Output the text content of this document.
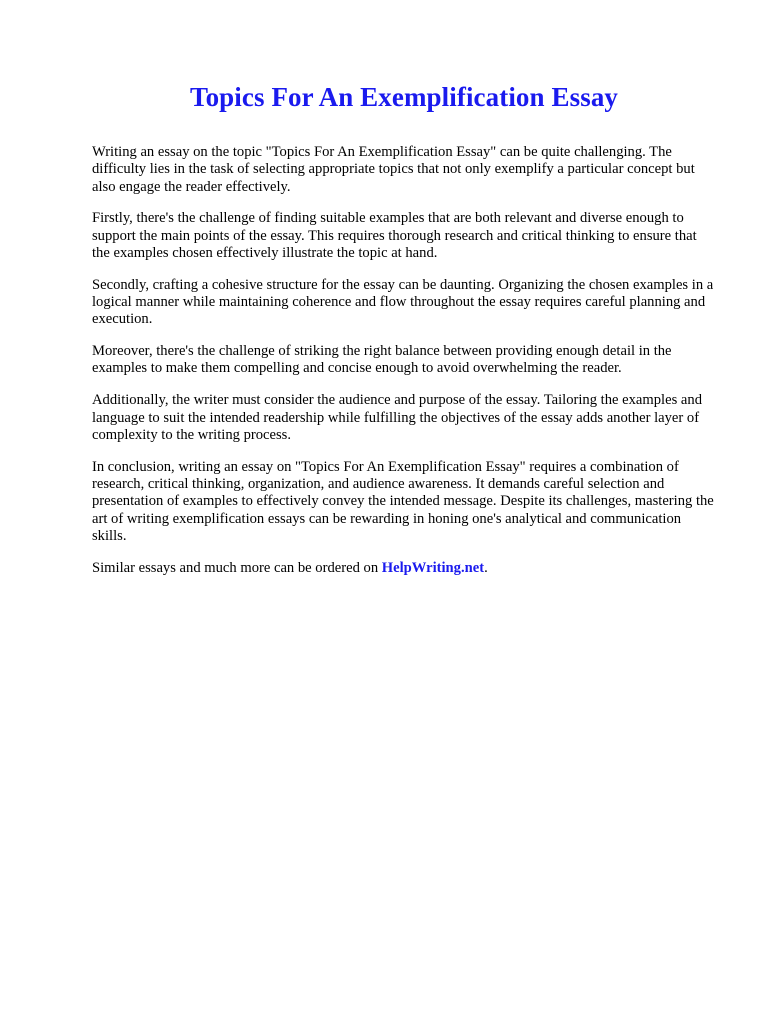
Topics For An Exemplification Essay

Writing an essay on the topic "Topics For An Exemplification Essay" can be quite challenging. The difficulty lies in the task of selecting appropriate topics that not only exemplify a particular concept but also engage the reader effectively.

Firstly, there's the challenge of finding suitable examples that are both relevant and diverse enough to support the main points of the essay. This requires thorough research and critical thinking to ensure that the examples chosen effectively illustrate the topic at hand.

Secondly, crafting a cohesive structure for the essay can be daunting. Organizing the chosen examples in a logical manner while maintaining coherence and flow throughout the essay requires careful planning and execution.

Moreover, there's the challenge of striking the right balance between providing enough detail in the examples to make them compelling and concise enough to avoid overwhelming the reader.

Additionally, the writer must consider the audience and purpose of the essay. Tailoring the examples and language to suit the intended readership while fulfilling the objectives of the essay adds another layer of complexity to the writing process.

In conclusion, writing an essay on "Topics For An Exemplification Essay" requires a combination of research, critical thinking, organization, and audience awareness. It demands careful selection and presentation of examples to effectively convey the intended message. Despite its challenges, mastering the art of writing exemplification essays can be rewarding in honing one's analytical and communication skills.

Similar essays and much more can be ordered on HelpWriting.net.
